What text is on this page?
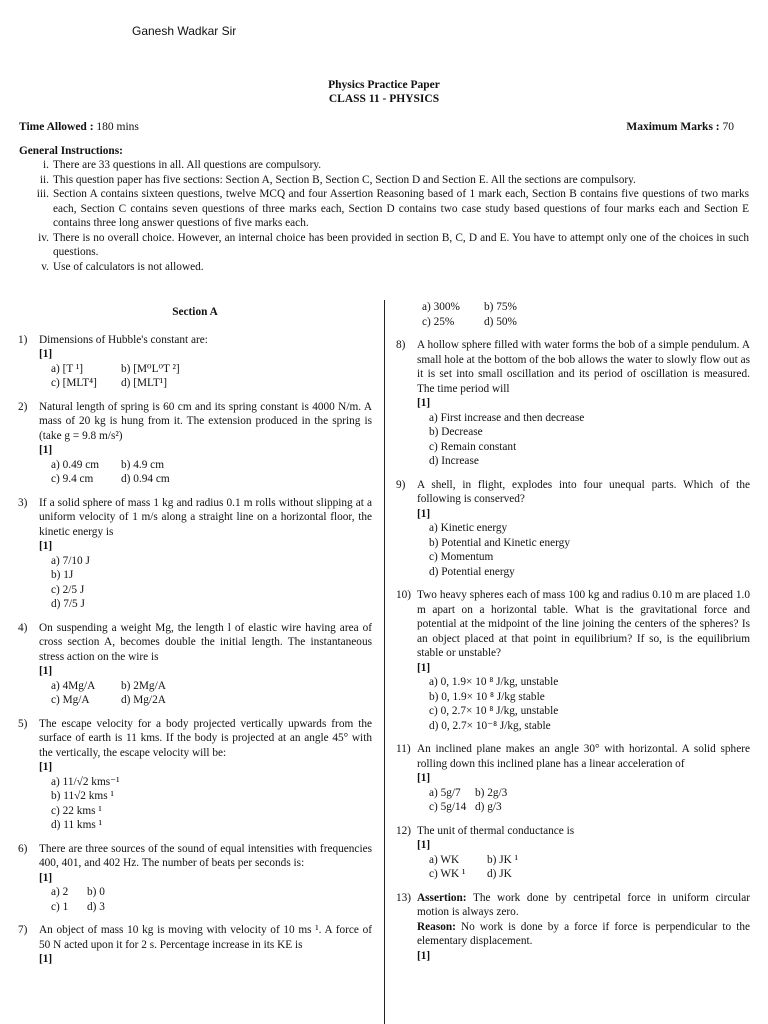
Ganesh Wadkar Sir
Physics Practice Paper
CLASS 11 - PHYSICS
Time Allowed : 180 mins	Maximum Marks : 70
General Instructions:
i. There are 33 questions in all. All questions are compulsory.
ii. This question paper has five sections: Section A, Section B, Section C, Section D and Section E. All the sections are compulsory.
iii. Section A contains sixteen questions, twelve MCQ and four Assertion Reasoning based of 1 mark each, Section B contains five questions of two marks each, Section C contains seven questions of three marks each, Section D contains two case study based questions of four marks each and Section E contains three long answer questions of five marks each.
iv. There is no overall choice. However, an internal choice has been provided in section B, C, D and E. You have to attempt only one of the choices in such questions.
v. Use of calculators is not allowed.
Section A
1) Dimensions of Hubble's constant are:
[1]
a) [T ¹]	b) [M⁰L⁰T ²]
c) [MLT⁴] d) [MLT¹]
2) Natural length of spring is 60 cm and its spring constant is 4000 N/m. A mass of 20 kg is hung from it. The extension produced in the spring is (take g = 9.8 m/s²)
[1]
a) 0.49 cm b) 4.9 cm
c) 9.4 cm d) 0.94 cm
3) If a solid sphere of mass 1 kg and radius 0.1 m rolls without slipping at a uniform velocity of 1 m/s along a straight line on a horizontal floor, the kinetic energy is
[1]
a) 7/10 J
b) 1J
c) 2/5 J
d) 7/5 J
4) On suspending a weight Mg, the length l of elastic wire having area of cross section A, becomes double the initial length. The instantaneous stress action on the wire is
[1]
a) 4Mg/A b) 2Mg/A
c) Mg/A	d) Mg/2A
5) The escape velocity for a body projected vertically upwards from the surface of earth is 11 kms. If the body is projected at an angle 45° with the vertically, the escape velocity will be:
[1]
a) 11/√2 kms⁻¹
b) 11√2 kms ¹
c) 22 kms ¹
d) 11 kms ¹
6) There are three sources of the sound of equal intensities with frequencies 400, 401, and 402 Hz. The number of beats per seconds is:
[1]
a) 2 b) 0
c) 1 d) 3
7) An object of mass 10 kg is moving with velocity of 10 ms ¹. A force of 50 N acted upon it for 2 s. Percentage increase in its KE is
[1]
a) 300% b) 75%
c) 25%	d) 50%
8) A hollow sphere filled with water forms the bob of a simple pendulum. A small hole at the bottom of the bob allows the water to slowly flow out as it is set into small oscillation and its period of oscillation is measured. The time period will
[1]
a) First increase and then decrease
b) Decrease
c) Remain constant
d) Increase
9) A shell, in flight, explodes into four unequal parts. Which of the following is conserved?
[1]
a) Kinetic energy
b) Potential and Kinetic energy
c) Momentum
d) Potential energy
10) Two heavy spheres each of mass 100 kg and radius 0.10 m are placed 1.0 m apart on a horizontal table. What is the gravitational force and potential at the midpoint of the line joining the centers of the spheres? Is an object placed at that point in equilibrium? If so, is the equilibrium stable or unstable?
[1]
a) 0, 1.9× 10 ⁸ J/kg, unstable
b) 0, 1.9× 10 ⁸ J/kg stable
c) 0, 2.7× 10 ⁸ J/kg, unstable
d) 0, 2.7× 10⁻⁸ J/kg, stable
11) An inclined plane makes an angle 30° with horizontal. A solid sphere rolling down this inclined plane has a linear acceleration of
[1]
a) 5g/7 b) 2g/3
c) 5g/14 d) g/3
12) The unit of thermal conductance is
[1]
a) WK b) JK ¹
c) WK ¹ d) JK
13) Assertion: The work done by centripetal force in uniform circular motion is always zero.
Reason: No work is done by a force if force is perpendicular to the elementary displacement.
[1]
